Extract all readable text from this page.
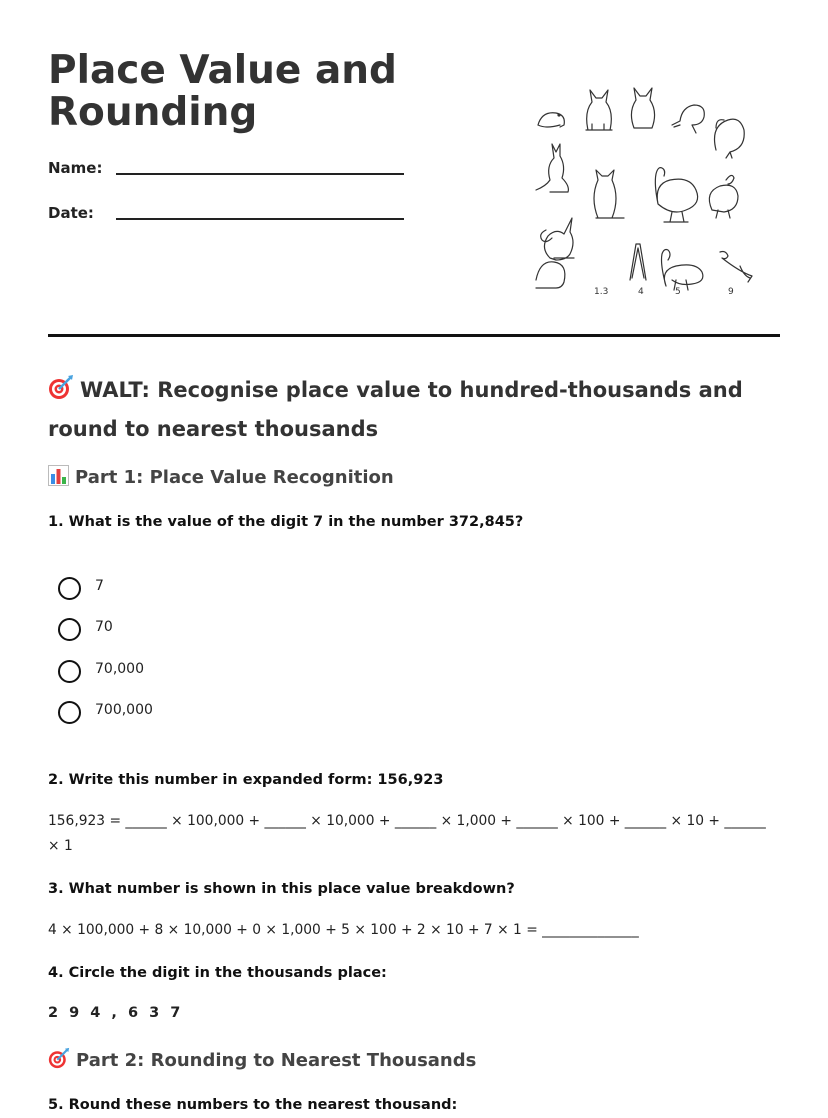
Place Value and Rounding
Name:
Date:
1.3	4	5	9

WALT: Recognise place value to hundred-thousands and round to nearest thousands

Part 1: Place Value Recognition
1. What is the value of the digit 7 in the number 372,845?
7
70
70,000
700,000
2. Write this number in expanded form: 156,923
156,923 = ______ × 100,000 + ______ × 10,000 + ______ × 1,000 + ______ × 100 + ______ × 10 + ______ × 1
3. What number is shown in this place value breakdown?
4 × 100,000 + 8 × 10,000 + 0 × 1,000 + 5 × 100 + 2 × 10 + 7 × 1 = ______________
4. Circle the digit in the thousands place:
2 9 4 , 6 3 7
Part 2: Rounding to Nearest Thousands
5. Round these numbers to the nearest thousand:
